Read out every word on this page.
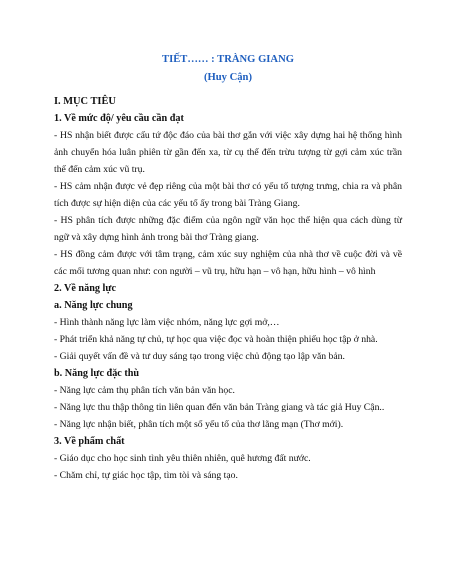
TIẾT…… : TRÀNG GIANG
(Huy Cận)
I. MỤC TIÊU
1. Về mức độ/ yêu cầu cần đạt

- HS nhận biết được cấu tứ độc đáo của bài thơ gắn với việc xây dựng hai hệ thống hình ảnh chuyển hóa luân phiên từ gần đến xa, từ cụ thể đến trừu tượng từ gợi cảm xúc trần thế đến cảm xúc vũ trụ.

- HS cảm nhận được vẻ đẹp riêng của một bài thơ có yếu tố tượng trưng, chia ra và phân tích được sự hiện diện của các yếu tố ấy trong bài Tràng Giang.

- HS phân tích được những đặc điểm của ngôn ngữ văn học thể hiện qua cách dùng từ ngữ và xây dựng hình ảnh trong bài thơ Tràng giang.

- HS đồng cảm được với tâm trạng, cảm xúc suy nghiệm của nhà thơ về cuộc đời và về các mối tương quan như: con người – vũ trụ, hữu hạn – vô hạn, hữu hình – vô hình

2. Về năng lực
a. Năng lực chung

- Hình thành năng lực làm việc nhóm, năng lực gợi mở,…

- Phát triển khả năng tự chủ, tự học qua việc đọc và hoàn thiện phiếu học tập ở nhà.

- Giải quyết vấn đề và tư duy sáng tạo trong việc chủ động tạo lập văn bản.

b. Năng lực đặc thù

- Năng lực cảm thụ phân tích văn bản văn học.

- Năng lực thu thập thông tin liên quan đến văn bản Tràng giang và tác giả Huy Cận..

- Năng lực nhận biết, phân tích một số yếu tố của thơ lãng mạn (Thơ mới).

3. Về phẩm chất

- Giáo dục cho học sinh tình yêu thiên nhiên, quê hương đất nước.

- Chăm chỉ, tự giác học tập, tìm tòi và sáng tạo.
